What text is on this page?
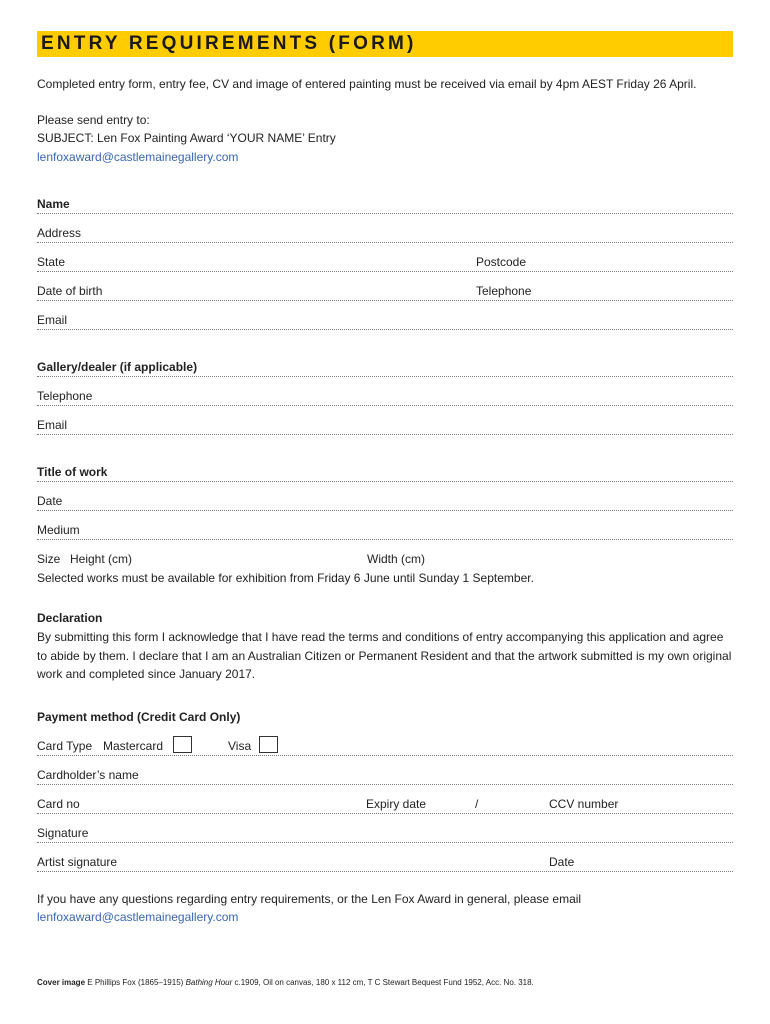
ENTRY REQUIREMENTS (FORM)
Completed entry form, entry fee, CV and image of entered painting must be received via email by 4pm AEST Friday 26 April.
Please send entry to:
SUBJECT: Len Fox Painting Award ‘YOUR NAME’ Entry
lenfoxaward@castlemainegallery.com
Name
Address
State	Postcode
Date of birth	Telephone
Email
Gallery/dealer (if applicable)
Telephone
Email
Title of work
Date
Medium
Size Height (cm)	Width (cm)
Selected works must be available for exhibition from Friday 6 June until Sunday 1 September.
Declaration
By submitting this form I acknowledge that I have read the terms and conditions of entry accompanying this application and agree to abide by them. I declare that I am an Australian Citizen or Permanent Resident and that the artwork submitted is my own original work and completed since January 2017.
Payment method (Credit Card Only)
Card Type Mastercard	Visa
Cardholder’s name
Card no	Expiry date	/	CCV number
Signature
Artist signature	Date
If you have any questions regarding entry requirements, or the Len Fox Award in general, please email
lenfoxaward@castlemainegallery.com
Cover image E Phillips Fox (1865–1915) Bathing Hour c.1909, Oil on canvas, 180 x 112 cm, T C Stewart Bequest Fund 1952, Acc. No. 318.
